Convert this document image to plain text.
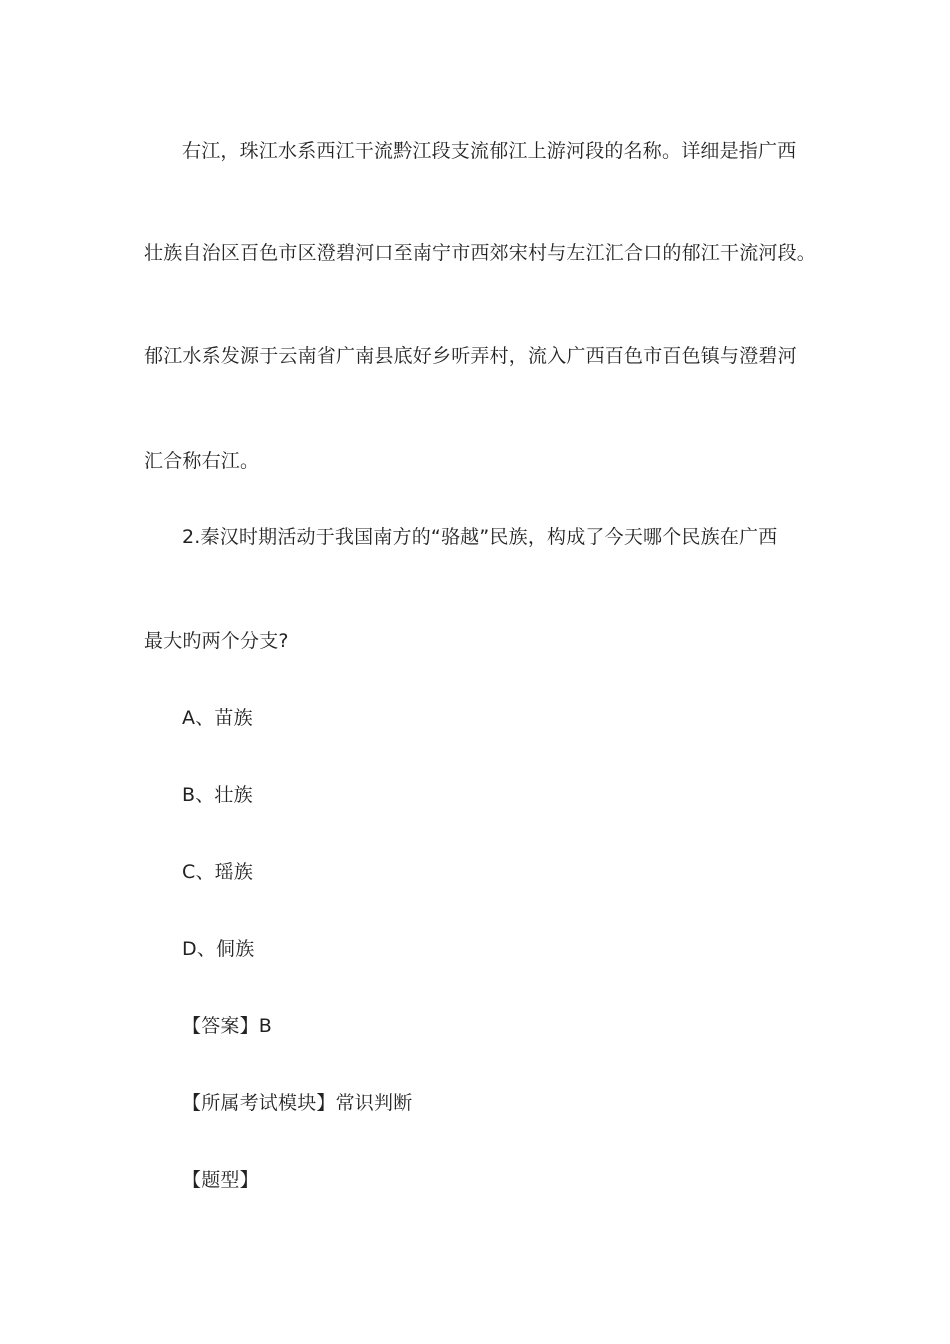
右江，珠江水系西江干流黔江段支流郁江上游河段的名称。详细是指广西
壮族自治区百色市区澄碧河口至南宁市西郊宋村与左江汇合口的郁江干流河段。
郁江水系发源于云南省广南县底好乡听弄村，流入广西百色市百色镇与澄碧河
汇合称右江。
2.秦汉时期活动于我国南方的“骆越”民族，构成了今天哪个民族在广西
最大旳两个分支?
A、苗族
B、壮族
C、瑶族
D、侗族
【答案】B
【所属考试模块】常识判断
【题型】
